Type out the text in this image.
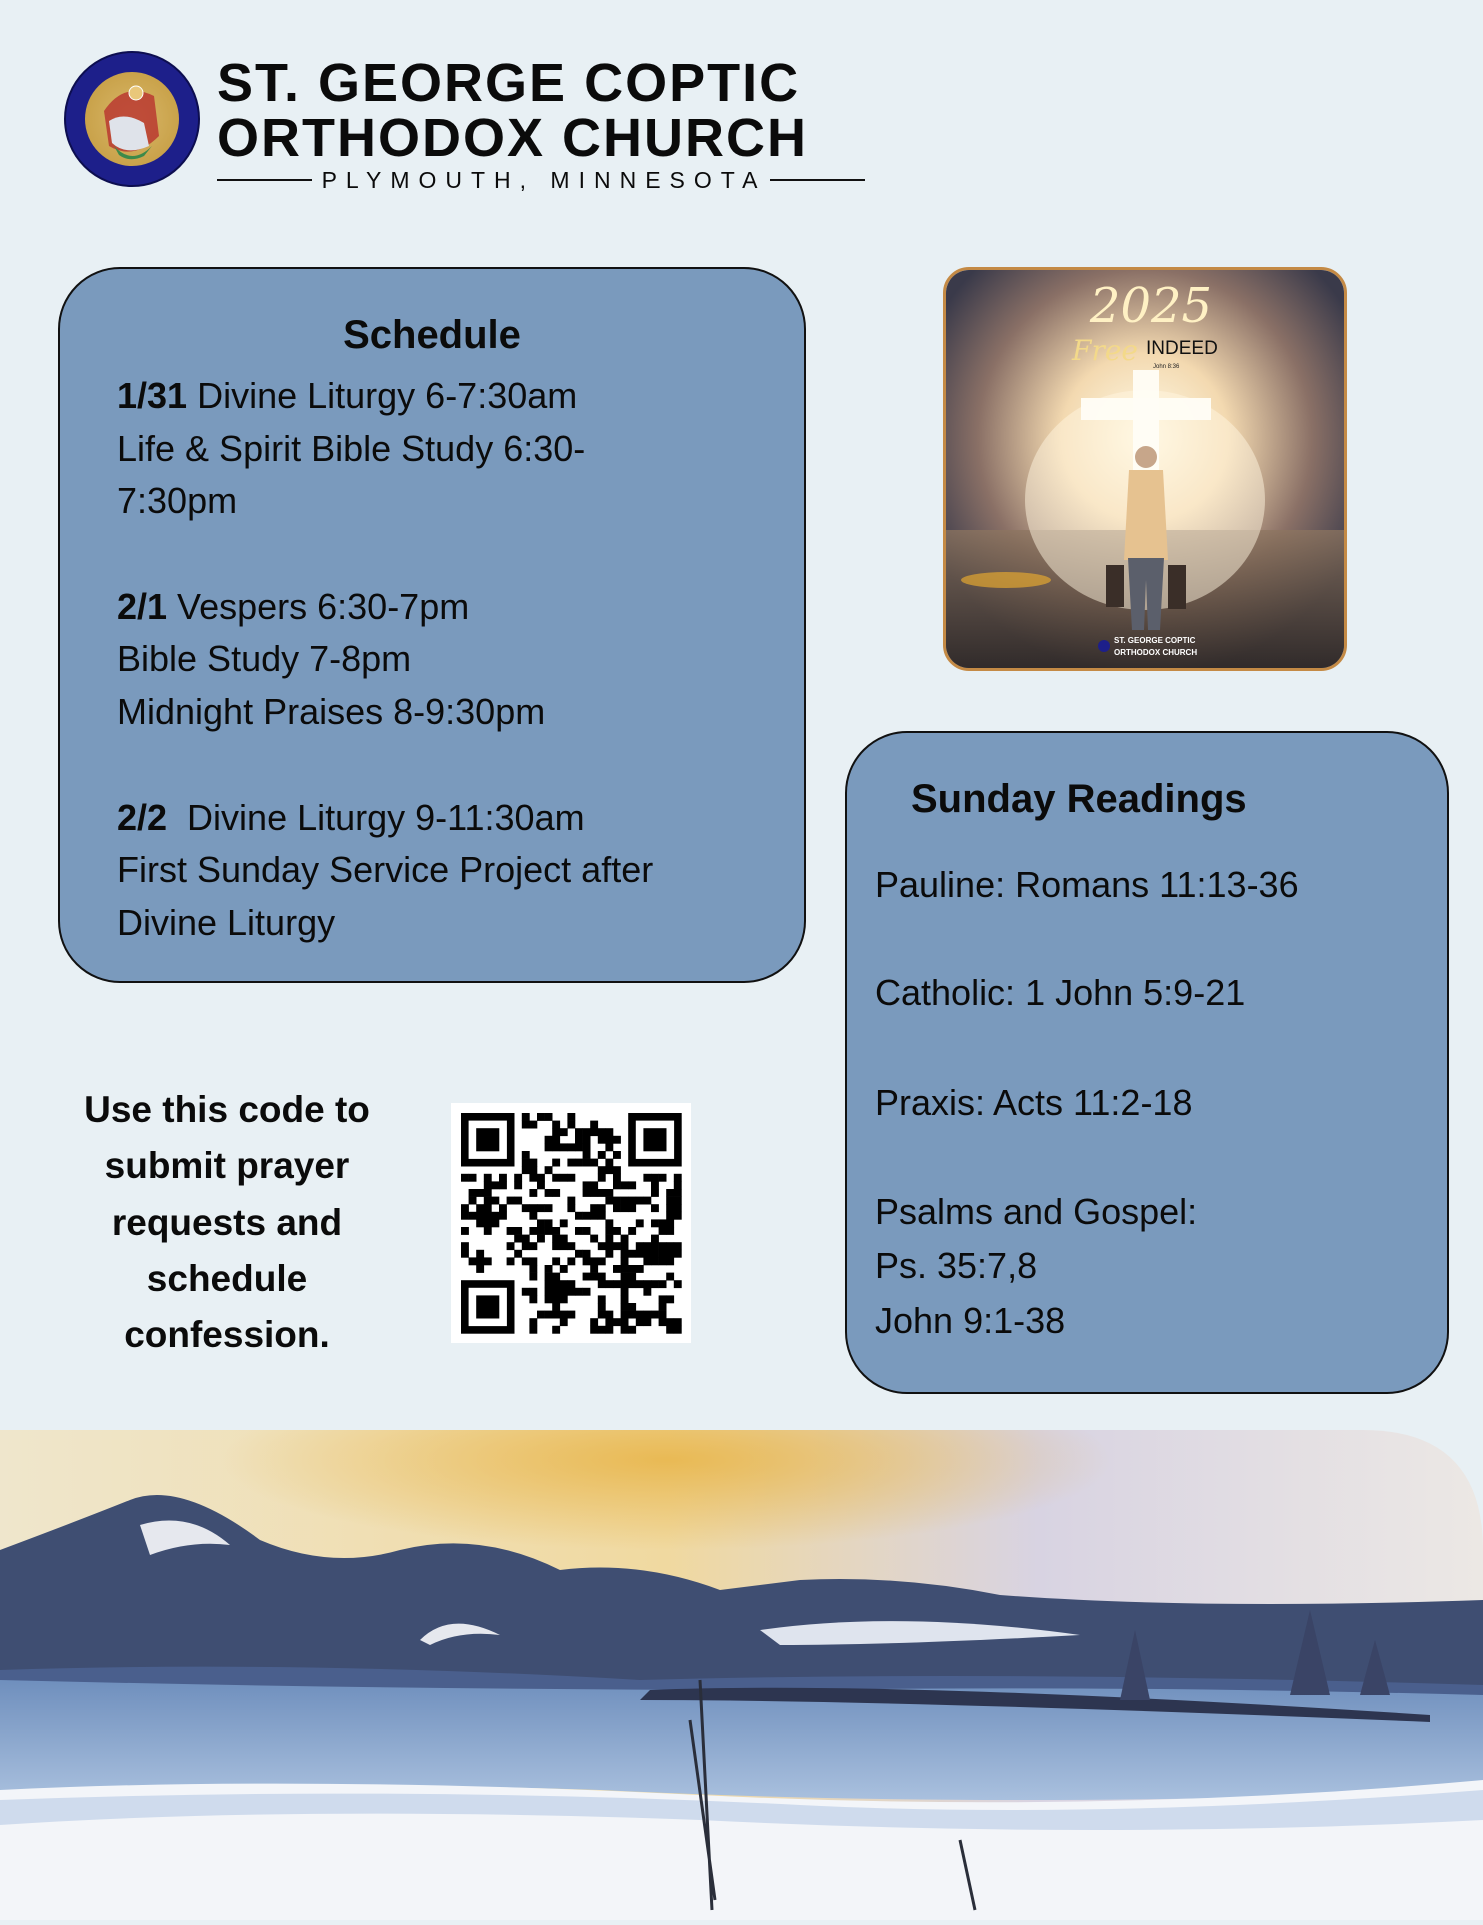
ST. GEORGE COPTIC
ORTHODOX CHURCH
PLYMOUTH, MINNESOTA
Schedule
1/31 Divine Liturgy 6-7:30am
Life & Spirit Bible Study 6:30-
7:30pm
2/1 Vespers 6:30-7pm
Bible Study 7-8pm
Midnight Praises 8-9:30pm
2/2  Divine Liturgy 9-11:30am
First Sunday Service Project after
Divine Liturgy
2025
Free INDEED
John 8:36
ST. GEORGE COPTIC
ORTHODOX CHURCH
Sunday Readings
Pauline: Romans 11:13-36
Catholic: 1 John 5:9-21
Praxis: Acts 11:2-18
Psalms and Gospel:
Ps. 35:7,8
John 9:1-38
Use this code to
submit prayer
requests and
schedule
confession.
